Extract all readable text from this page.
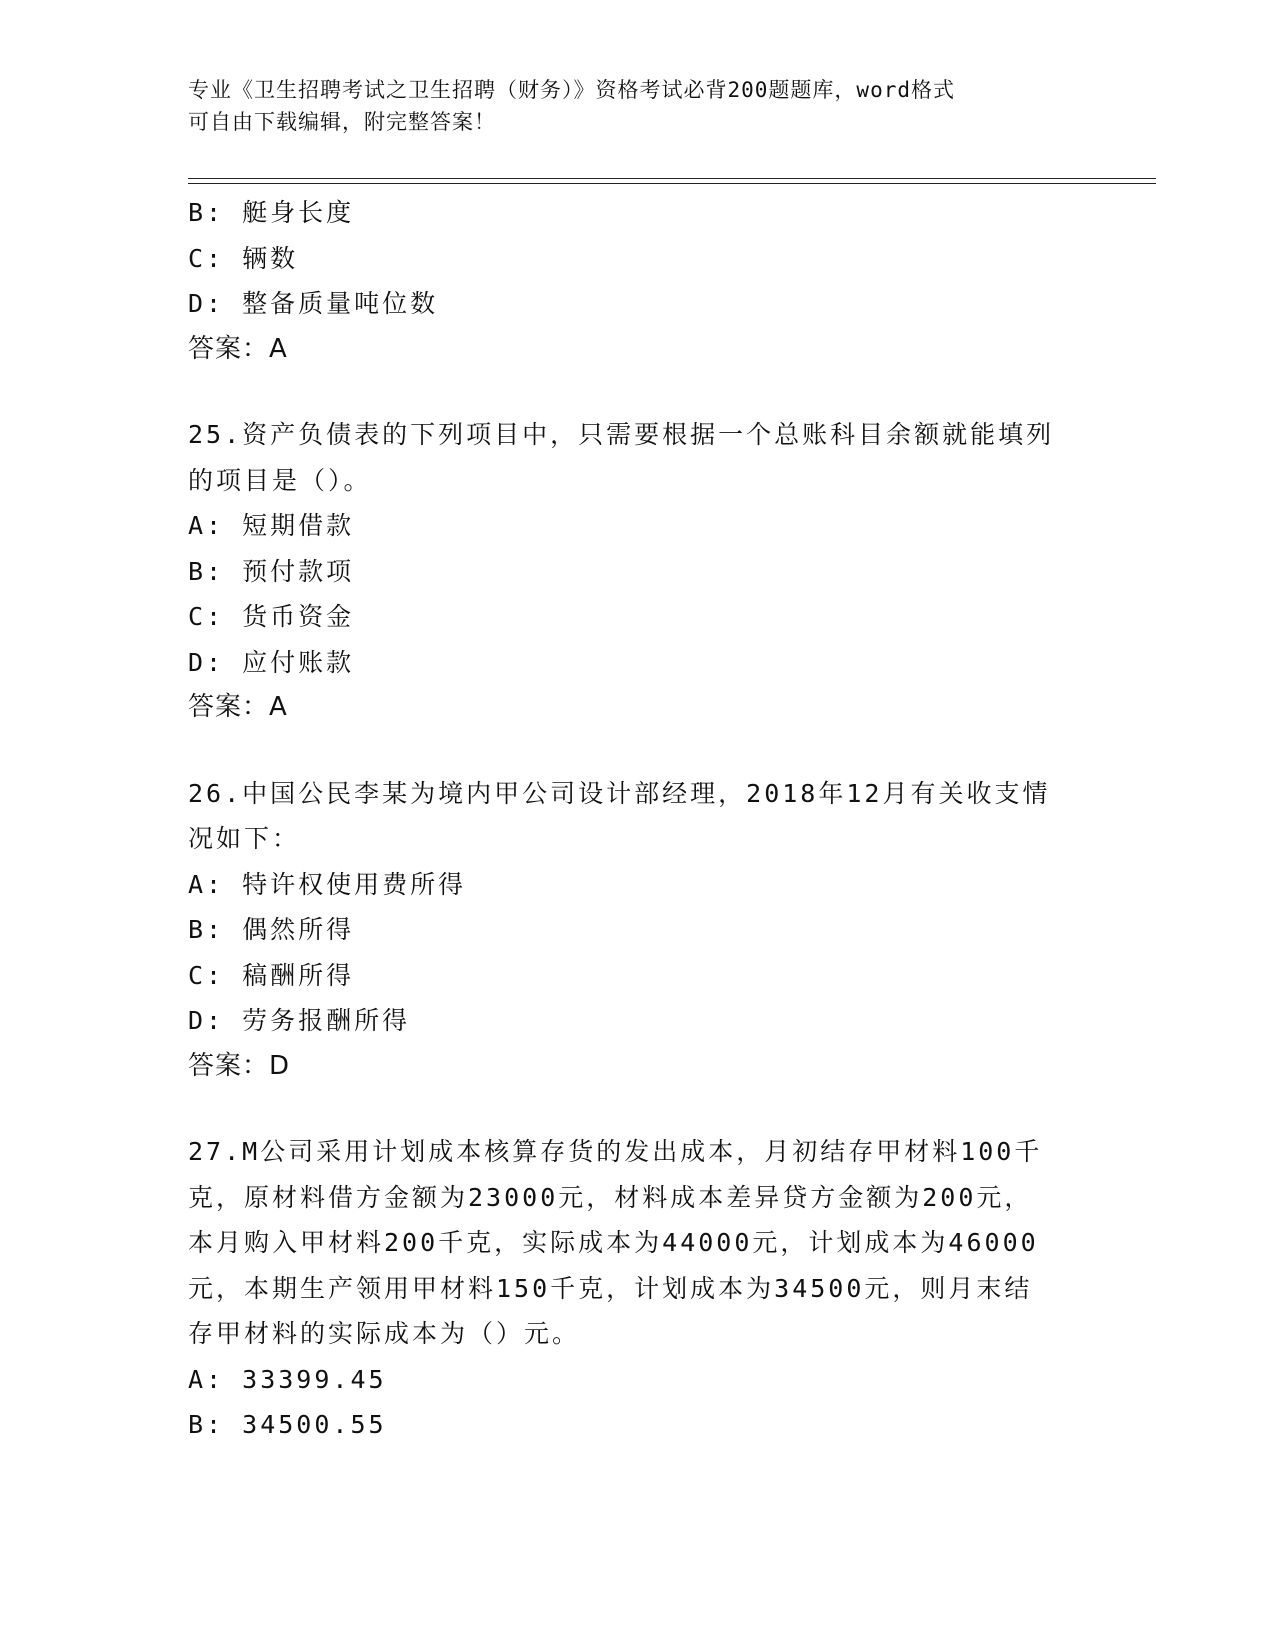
专业《卫生招聘考试之卫生招聘（财务）》资格考试必背200题题库，word格式
可自由下载编辑，附完整答案！
B: 艇身长度
C: 辆数
D: 整备质量吨位数
答案：A
25.资产负债表的下列项目中，只需要根据一个总账科目余额就能填列
的项目是（）。
A: 短期借款
B: 预付款项
C: 货币资金
D: 应付账款
答案：A
26.中国公民李某为境内甲公司设计部经理，2018年12月有关收支情
况如下：
A: 特许权使用费所得
B: 偶然所得
C: 稿酬所得
D: 劳务报酬所得
答案：D
27.M公司采用计划成本核算存货的发出成本，月初结存甲材料100千
克，原材料借方金额为23000元，材料成本差异贷方金额为200元，
本月购入甲材料200千克，实际成本为44000元，计划成本为46000
元，本期生产领用甲材料150千克，计划成本为34500元，则月末结
存甲材料的实际成本为（）元。
A: 33399.45
B: 34500.55
